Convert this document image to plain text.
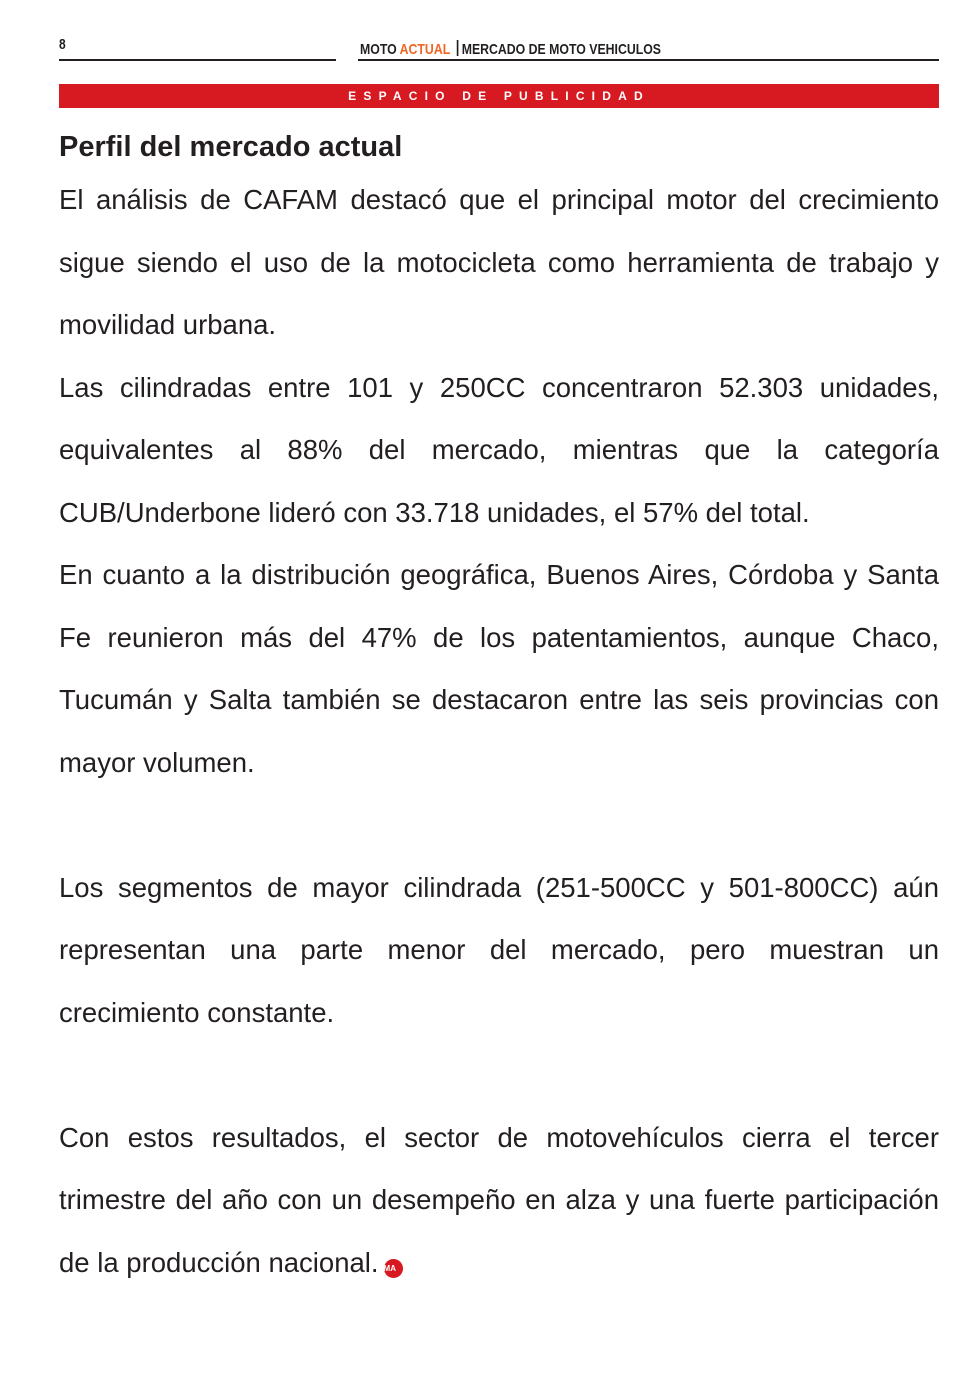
8	MOTO ACTUAL MERCADO DE MOTO VEHICULOS
ESPACIO DE PUBLICIDAD
Perfil del mercado actual

El análisis de CAFAM destacó que el principal motor del crecimiento sigue siendo el uso de la motocicleta como herramienta de trabajo y movilidad urbana.

Las cilindradas entre 101 y 250CC concentraron 52.303 unidades, equivalentes al 88% del mercado, mientras que la categoría CUB/Underbone lideró con 33.718 unidades, el 57% del total.

En cuanto a la distribución geográfica, Buenos Aires, Córdoba y Santa Fe reunieron más del 47% de los patentamientos, aunque Chaco, Tucumán y Salta también se destacaron entre las seis provincias con mayor volumen.

Los segmentos de mayor cilindrada (251-500CC y 501-800CC) aún representan una parte menor del mercado, pero muestran un crecimiento constante.

Con estos resultados, el sector de motovehículos cierra el tercer trimestre del año con un desempeño en alza y una fuerte participación de la producción nacional. MA
